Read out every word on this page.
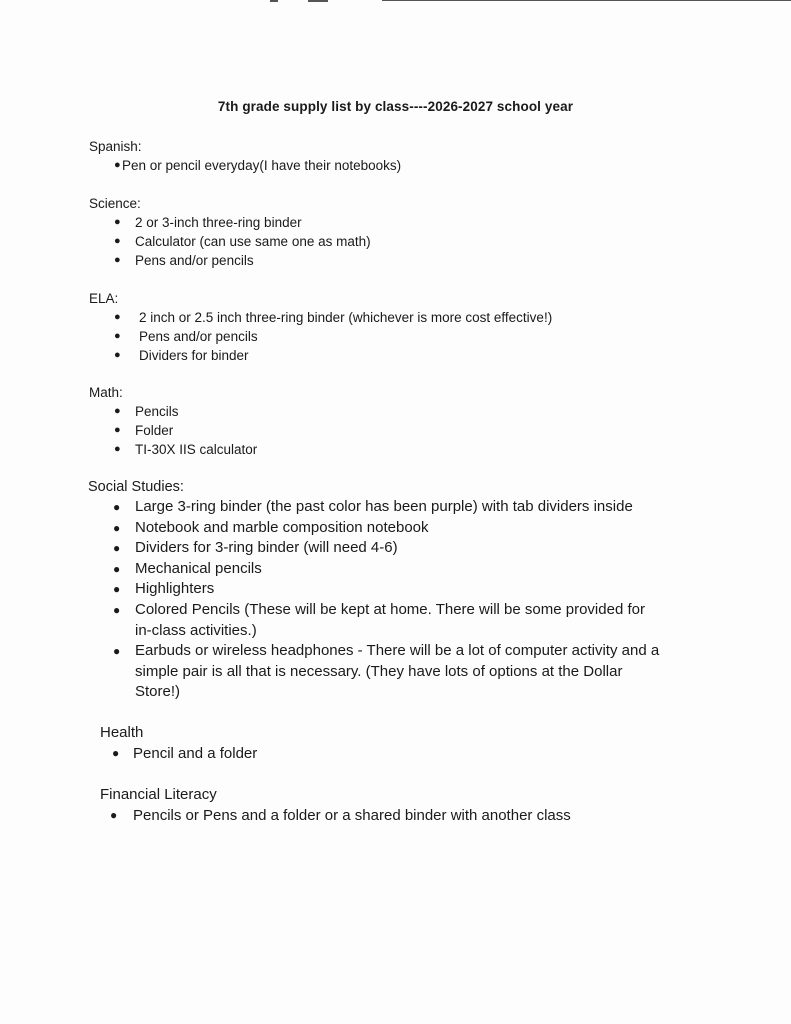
7th grade supply list by class----2026-2027 school year

Spanish:

● Pen or pencil everyday(I have their notebooks)

Science:

● 2 or 3-inch three-ring binder
● Calculator (can use same one as math)
● Pens and/or pencils

ELA:

● 2 inch or 2.5 inch three-ring binder (whichever is more cost effective!)
● Pens and/or pencils
● Dividers for binder

Math:

● Pencils
● Folder
● TI-30X IIS calculator

Social Studies:

● Large 3-ring binder (the past color has been purple) with tab dividers inside
● Notebook and marble composition notebook
● Dividers for 3-ring binder (will need 4-6)
● Mechanical pencils
● Highlighters
● Colored Pencils (These will be kept at home. There will be some provided for
in-class activities.)
● Earbuds or wireless headphones - There will be a lot of computer activity and a
simple pair is all that is necessary. (They have lots of options at the Dollar
Store!)

Health

● Pencil and a folder

Financial Literacy

● Pencils or Pens and a folder or a shared binder with another class
